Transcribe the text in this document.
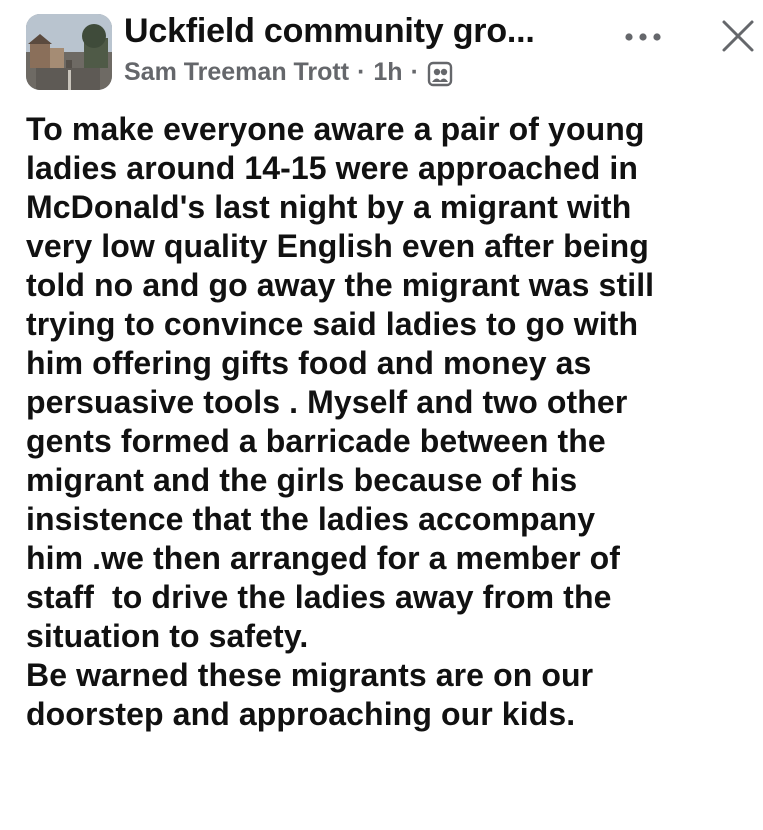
Uckfield community gro...
Sam Treeman Trott · 1h ·
To make everyone aware a pair of young
ladies around 14-15 were approached in
McDonald's last night by a migrant with
very low quality English even after being
told no and go away the migrant was still
trying to convince said ladies to go with
him offering gifts food and money as
persuasive tools . Myself and two other
gents formed a barricade between the
migrant and the girls because of his
insistence that the ladies accompany
him .we then arranged for a member of
staff  to drive the ladies away from the
situation to safety.
Be warned these migrants are on our
doorstep and approaching our kids.
